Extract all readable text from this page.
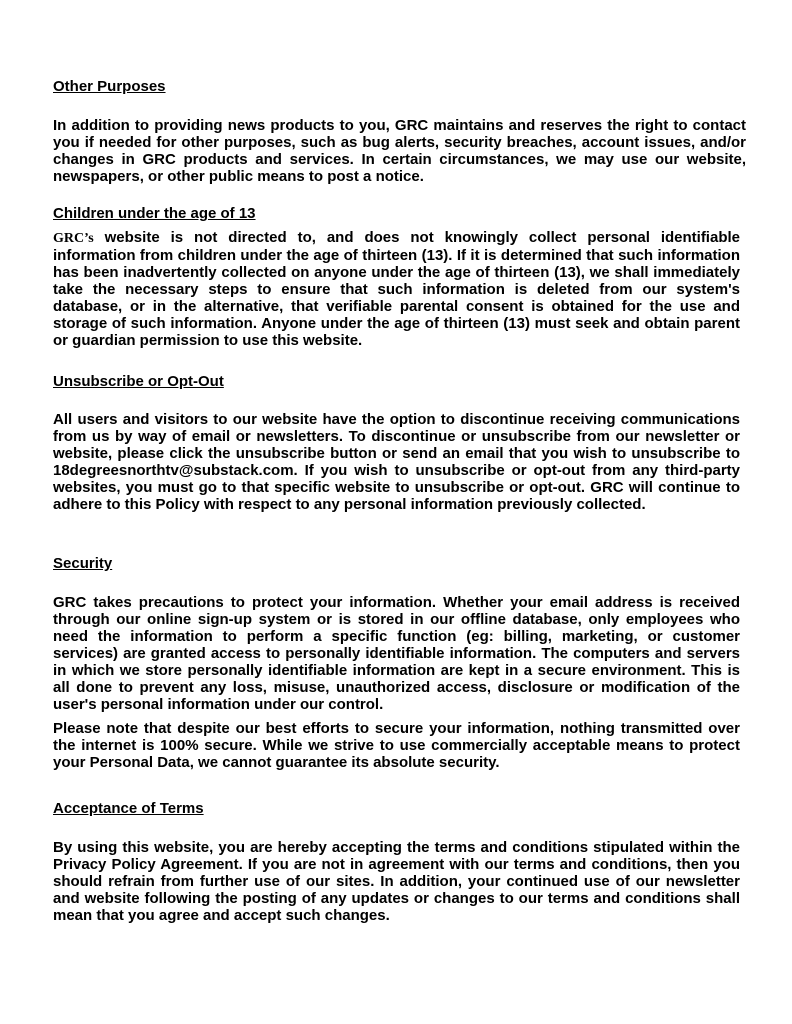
Other Purposes

In addition to providing news products to you, GRC maintains and reserves the right to contact you if needed for other purposes, such as bug alerts, security breaches, account issues, and/or changes in GRC products and services. In certain circumstances, we may use our website, newspapers, or other public means to post a notice.

Children under the age of 13

GRC’s website is not directed to, and does not knowingly collect personal identifiable information from children under the age of thirteen (13). If it is determined that such information has been inadvertently collected on anyone under the age of thirteen (13), we shall immediately take the necessary steps to ensure that such information is deleted from our system's database, or in the alternative, that verifiable parental consent is obtained for the use and storage of such information. Anyone under the age of thirteen (13) must seek and obtain parent or guardian permission to use this website.

Unsubscribe or Opt-Out

All users and visitors to our website have the option to discontinue receiving communications from us by way of email or newsletters. To discontinue or unsubscribe from our newsletter or website, please click the unsubscribe button or send an email that you wish to unsubscribe to 18degreesnorthtv@substack.com. If you wish to unsubscribe or opt-out from any third-party websites, you must go to that specific website to unsubscribe or opt-out. GRC will continue to adhere to this Policy with respect to any personal information previously collected.

Security

GRC takes precautions to protect your information. Whether your email address is received through our online sign-up system or is stored in our offline database, only employees who need the information to perform a specific function (eg: billing, marketing, or customer services) are granted access to personally identifiable information. The computers and servers in which we store personally identifiable information are kept in a secure environment. This is all done to prevent any loss, misuse, unauthorized access, disclosure or modification of the user's personal information under our control.

Please note that despite our best efforts to secure your information, nothing transmitted over the internet is 100% secure. While we strive to use commercially acceptable means to protect your Personal Data, we cannot guarantee its absolute security.

Acceptance of Terms

By using this website, you are hereby accepting the terms and conditions stipulated within the Privacy Policy Agreement. If you are not in agreement with our terms and conditions, then you should refrain from further use of our sites. In addition, your continued use of our newsletter and website following the posting of any updates or changes to our terms and conditions shall mean that you agree and accept such changes.
